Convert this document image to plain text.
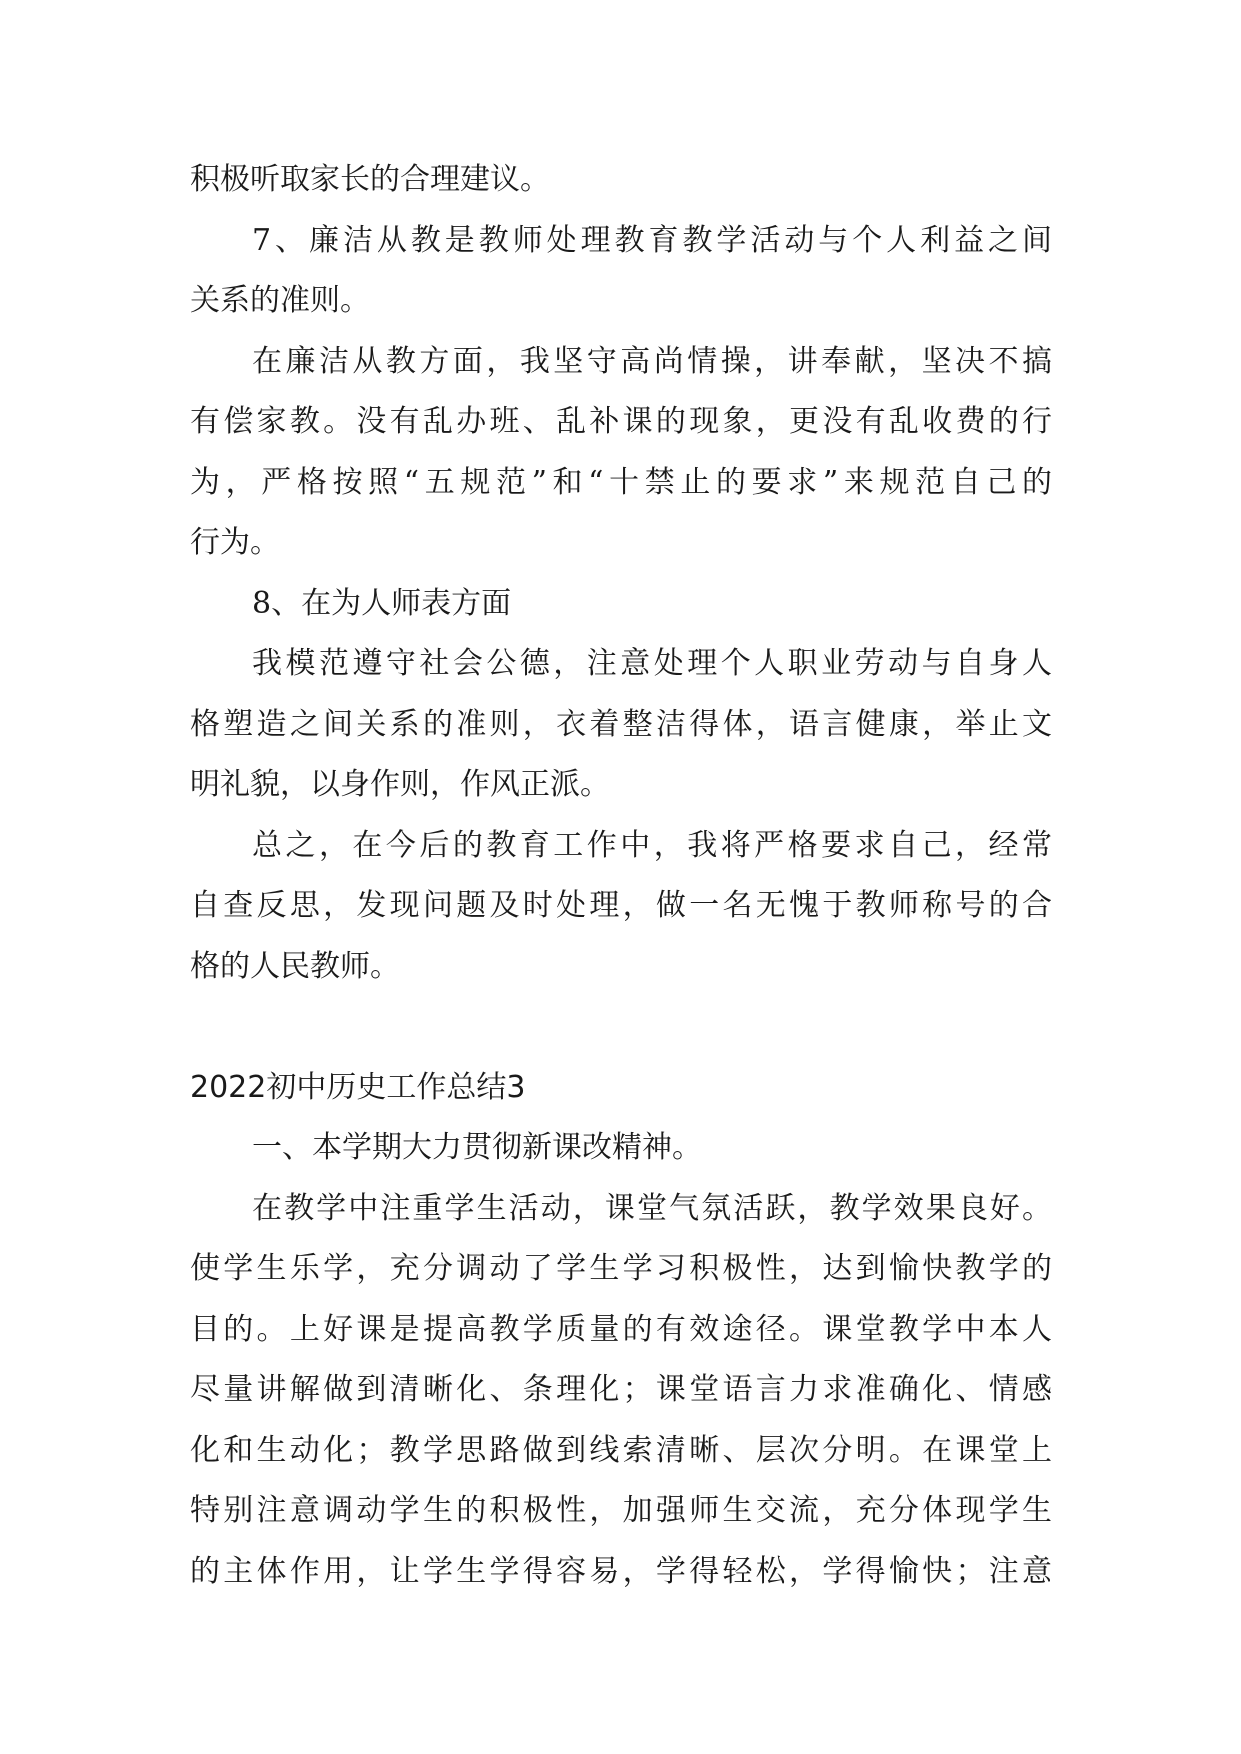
积极听取家长的合理建议。
7、廉洁从教是教师处理教育教学活动与个人利益之间
关系的准则。
在廉洁从教方面，我坚守高尚情操，讲奉献，坚决不搞
有偿家教。没有乱办班、乱补课的现象，更没有乱收费的行
为，严格按照“五规范”和“十禁止的要求”来规范自己的
行为。
8、在为人师表方面
我模范遵守社会公德，注意处理个人职业劳动与自身人
格塑造之间关系的准则，衣着整洁得体，语言健康，举止文
明礼貌，以身作则，作风正派。
总之，在今后的教育工作中，我将严格要求自己，经常
自查反思，发现问题及时处理，做一名无愧于教师称号的合
格的人民教师。
2022初中历史工作总结3
一、本学期大力贯彻新课改精神。
在教学中注重学生活动，课堂气氛活跃，教学效果良好。
使学生乐学，充分调动了学生学习积极性，达到愉快教学的
目的。上好课是提高教学质量的有效途径。课堂教学中本人
尽量讲解做到清晰化、条理化；课堂语言力求准确化、情感
化和生动化；教学思路做到线索清晰、层次分明。在课堂上
特别注意调动学生的积极性，加强师生交流，充分体现学生
的主体作用，让学生学得容易，学得轻松，学得愉快；注意
